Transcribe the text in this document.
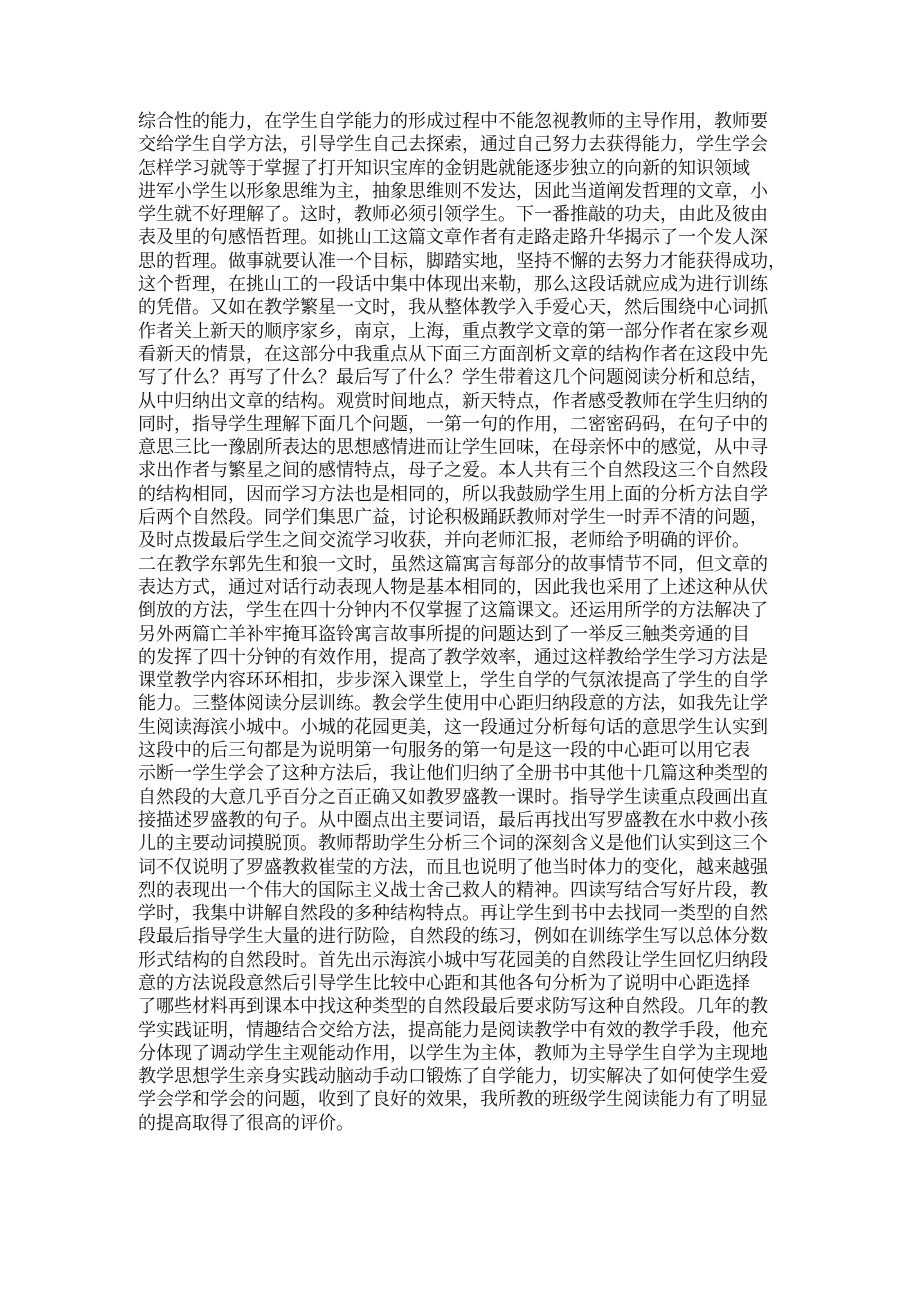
综合性的能力，在学生自学能力的形成过程中不能忽视教师的主导作用，教师要
交给学生自学方法，引导学生自己去探索，通过自己努力去获得能力，学生学会
怎样学习就等于掌握了打开知识宝库的金钥匙就能逐步独立的向新的知识领域
进军小学生以形象思维为主，抽象思维则不发达，因此当道阐发哲理的文章，小
学生就不好理解了。这时，教师必须引领学生。下一番推敲的功夫，由此及彼由
表及里的句感悟哲理。如挑山工这篇文章作者有走路走路升华揭示了一个发人深
思的哲理。做事就要认准一个目标，脚踏实地，坚持不懈的去努力才能获得成功，
这个哲理，在挑山工的一段话中集中体现出来勒，那么这段话就应成为进行训练
的凭借。又如在教学繁星一文时，我从整体教学入手爱心天，然后围绕中心词抓
作者关上新天的顺序家乡，南京，上海，重点教学文章的第一部分作者在家乡观
看新天的情景，在这部分中我重点从下面三方面剖析文章的结构作者在这段中先
写了什么？再写了什么？最后写了什么？学生带着这几个问题阅读分析和总结，
从中归纳出文章的结构。观赏时间地点，新天特点，作者感受教师在学生归纳的
同时，指导学生理解下面几个问题，一第一句的作用，二密密码码，在句子中的
意思三比一豫剧所表达的思想感情进而让学生回味，在母亲怀中的感觉，从中寻
求出作者与繁星之间的感情特点，母子之爱。本人共有三个自然段这三个自然段
的结构相同，因而学习方法也是相同的，所以我鼓励学生用上面的分析方法自学
后两个自然段。同学们集思广益，讨论积极踊跃教师对学生一时弄不清的问题，
及时点拨最后学生之间交流学习收获，并向老师汇报，老师给予明确的评价。
二在教学东郭先生和狼一文时，虽然这篇寓言每部分的故事情节不同，但文章的
表达方式，通过对话行动表现人物是基本相同的，因此我也采用了上述这种从伏
倒放的方法，学生在四十分钟内不仅掌握了这篇课文。还运用所学的方法解决了
另外两篇亡羊补牢掩耳盗铃寓言故事所提的问题达到了一举反三触类旁通的目
的发挥了四十分钟的有效作用，提高了教学效率，通过这样教给学生学习方法是
课堂教学内容环环相扣，步步深入课堂上，学生自学的气氛浓提高了学生的自学
能力。三整体阅读分层训练。教会学生使用中心距归纳段意的方法，如我先让学
生阅读海滨小城中。小城的花园更美，这一段通过分析每句话的意思学生认实到
这段中的后三句都是为说明第一句服务的第一句是这一段的中心距可以用它表
示断一学生学会了这种方法后，我让他们归纳了全册书中其他十几篇这种类型的
自然段的大意几乎百分之百正确又如教罗盛教一课时。指导学生读重点段画出直
接描述罗盛教的句子。从中圈点出主要词语，最后再找出写罗盛教在水中救小孩
儿的主要动词摸脱顶。教师帮助学生分析三个词的深刻含义是他们认实到这三个
词不仅说明了罗盛教救崔莹的方法，而且也说明了他当时体力的变化，越来越强
烈的表现出一个伟大的国际主义战士舍己救人的精神。四读写结合写好片段，教
学时，我集中讲解自然段的多种结构特点。再让学生到书中去找同一类型的自然
段最后指导学生大量的进行防险，自然段的练习，例如在训练学生写以总体分数
形式结构的自然段时。首先出示海滨小城中写花园美的自然段让学生回忆归纳段
意的方法说段意然后引导学生比较中心距和其他各句分析为了说明中心距选择
了哪些材料再到课本中找这种类型的自然段最后要求防写这种自然段。几年的教
学实践证明，情趣结合交给方法，提高能力是阅读教学中有效的教学手段，他充
分体现了调动学生主观能动作用，以学生为主体，教师为主导学生自学为主现地
教学思想学生亲身实践动脑动手动口锻炼了自学能力，切实解决了如何使学生爱
学会学和学会的问题，收到了良好的效果，我所教的班级学生阅读能力有了明显
的提高取得了很高的评价。
